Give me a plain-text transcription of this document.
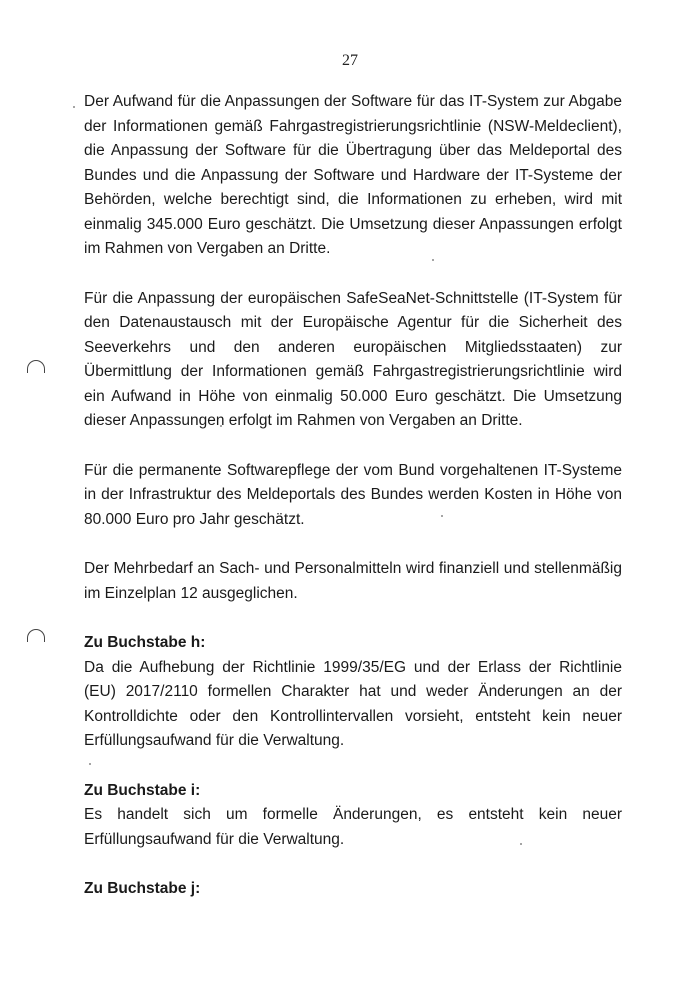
27

Der Aufwand für die Anpassungen der Software für das IT-System zur Abgabe der Informationen gemäß Fahrgastregistrierungsrichtlinie (NSW-Meldeclient), die Anpassung der Software für die Übertragung über das Meldeportal des Bundes und die Anpassung der Software und Hardware der IT-Systeme der Behörden, welche berechtigt sind, die Informationen zu erheben, wird mit einmalig 345.000 Euro geschätzt. Die Umsetzung dieser Anpassungen erfolgt im Rahmen von Vergaben an Dritte.

Für die Anpassung der europäischen SafeSeaNet-Schnittstelle (IT-System für den Datenaustausch mit der Europäische Agentur für die Sicherheit des Seeverkehrs und den anderen europäischen Mitgliedsstaaten) zur Übermittlung der Informationen gemäß Fahrgastregistrierungsrichtlinie wird ein Aufwand in Höhe von einmalig 50.000 Euro geschätzt. Die Umsetzung dieser Anpassungen erfolgt im Rahmen von Vergaben an Dritte.

Für die permanente Softwarepflege der vom Bund vorgehaltenen IT-Systeme in der Infrastruktur des Meldeportals des Bundes werden Kosten in Höhe von 80.000 Euro pro Jahr geschätzt.

Der Mehrbedarf an Sach- und Personalmitteln wird finanziell und stellenmäßig im Einzelplan 12 ausgeglichen.

Zu Buchstabe h:

Da die Aufhebung der Richtlinie 1999/35/EG und der Erlass der Richtlinie (EU) 2017/2110 formellen Charakter hat und weder Änderungen an der Kontrolldichte oder den Kontrollintervallen vorsieht, entsteht kein neuer Erfüllungsaufwand für die Verwaltung.

Zu Buchstabe i:

Es handelt sich um formelle Änderungen, es entsteht kein neuer Erfüllungsaufwand für die Verwaltung.

Zu Buchstabe j:
